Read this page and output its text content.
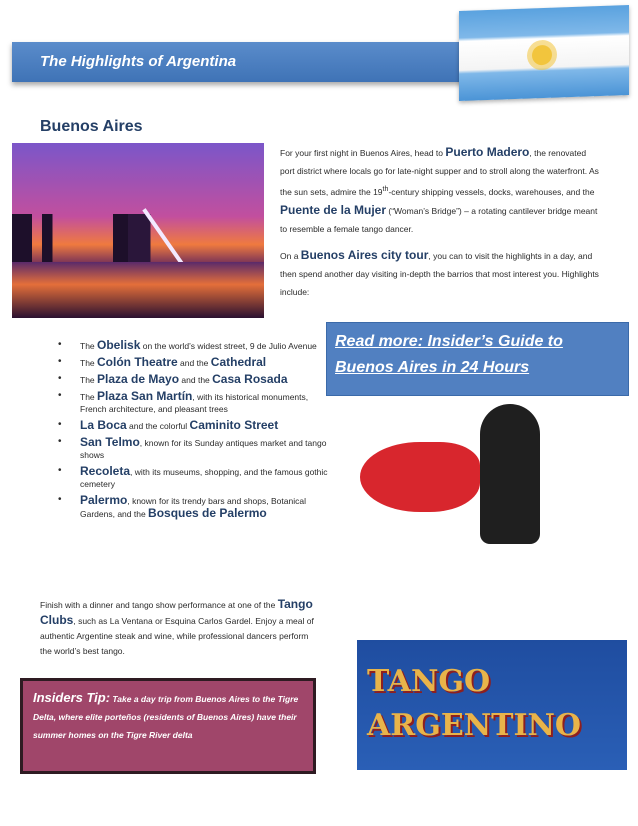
The Highlights of Argentina
Buenos Aires

For your first night in Buenos Aires, head to Puerto Madero, the renovated port district where locals go for late-night supper and to stroll along the waterfront. As the sun sets, admire the 19th-century shipping vessels, docks, warehouses, and the Puente de la Mujer (“Woman’s Bridge”) – a rotating cantilever bridge meant to resemble a female tango dancer.

On a Buenos Aires city tour, you can to visit the highlights in a day, and then spend another day visiting in-depth the barrios that most interest you. Highlights include:

Read more: Insider’s Guide to Buenos Aires in 24 Hours
• The Obelisk on the world’s widest street, 9 de Julio Avenue
• The Colón Theatre and the Cathedral
• The Plaza de Mayo and the Casa Rosada
• The Plaza San Martín, with its historical monuments, French architecture, and pleasant trees
• La Boca and the colorful Caminito Street
• San Telmo, known for its Sunday antiques market and tango shows
• Recoleta, with its museums, shopping, and the famous gothic cemetery
• Palermo, known for its trendy bars and shops, Botanical Gardens, and the Bosques de Palermo
Finish with a dinner and tango show performance at one of the Tango Clubs, such as La Ventana or Esquina Carlos Gardel. Enjoy a meal of authentic Argentine steak and wine, while professional dancers perform the world’s best tango.
Insiders Tip: Take a day trip from Buenos Aires to the Tigre Delta, where elite porteños (residents of Buenos Aires) have their summer homes on the Tigre River delta
TANGO
ARGENTINO
